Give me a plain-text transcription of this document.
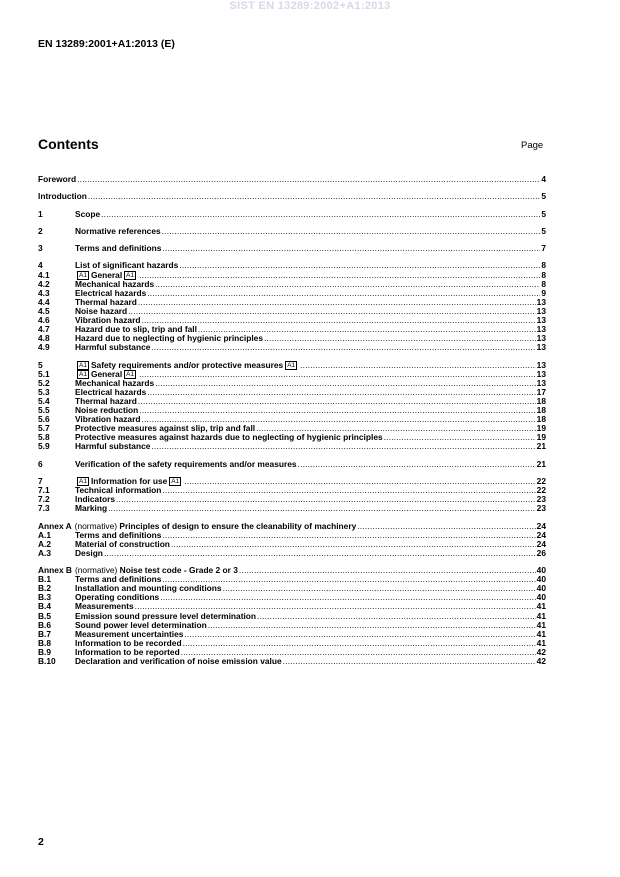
SIST EN 13289:2002+A1:2013
EN 13289:2001+A1:2013 (E)
Contents	Page
Foreword .....	4
Introduction .....	5
1	Scope .....	5
2	Normative references .....	5
3	Terms and definitions .....	7
4	List of significant hazards .....	8
4.1	A1 General A1 .....	8
4.2	Mechanical hazards .....	8
4.3	Electrical hazards .....	9
4.4	Thermal hazard .....	13
4.5	Noise hazard .....	13
4.6	Vibration hazard .....	13
4.7	Hazard due to slip, trip and fall .....	13
4.8	Hazard due to neglecting of hygienic principles .....	13
4.9	Harmful substance .....	13
5	A1 Safety requirements and/or protective measures A1 .....	13
5.1	A1 General A1 .....	13
5.2	Mechanical hazards .....	13
5.3	Electrical hazards .....	17
5.4	Thermal hazard .....	18
5.5	Noise reduction .....	18
5.6	Vibration hazard .....	18
5.7	Protective measures against slip, trip and fall .....	19
5.8	Protective measures against hazards due to neglecting of hygienic principles .....	19
5.9	Harmful substance .....	21
6	Verification of the safety requirements and/or measures .....	21
7	A1 Information for use A1 .....	22
7.1	Technical information .....	22
7.2	Indicators .....	23
7.3	Marking .....	23
Annex A (normative) Principles of design to ensure the cleanability of machinery .....	24
A.1	Terms and definitions .....	24
A.2	Material of construction .....	24
A.3	Design .....	26
Annex B (normative) Noise test code - Grade 2 or 3 .....	40
B.1	Terms and definitions .....	40
B.2	Installation and mounting conditions .....	40
B.3	Operating conditions .....	40
B.4	Measurements .....	41
B.5	Emission sound pressure level determination .....	41
B.6	Sound power level determination .....	41
B.7	Measurement uncertainties .....	41
B.8	Information to be recorded .....	41
B.9	Information to be reported .....	42
B.10	Declaration and verification of noise emission value .....	42
2
